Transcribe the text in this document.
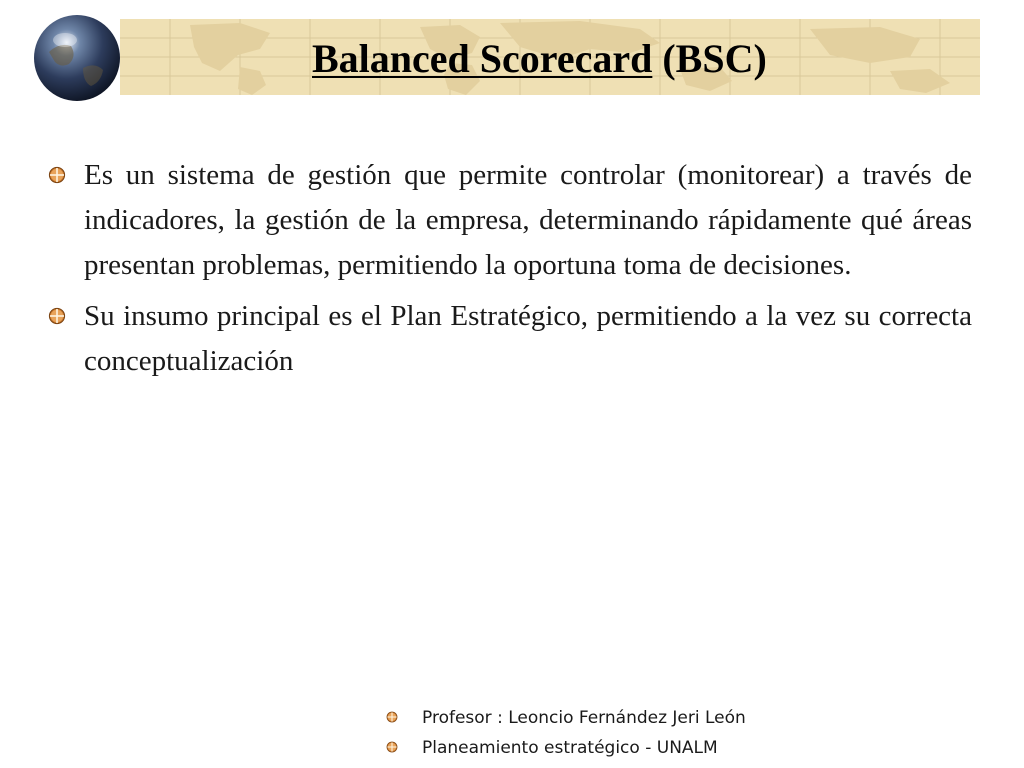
Balanced Scorecard (BSC)

Es un sistema de gestión que permite controlar (monitorear) a través de indicadores, la gestión de la empresa, determinando rápidamente qué áreas presentan problemas, permitiendo la oportuna toma de decisiones.

Su insumo principal es el Plan Estratégico, permitiendo a la vez su correcta conceptualización

Profesor : Leoncio Fernández Jeri León
Planeamiento estratégico - UNALM
